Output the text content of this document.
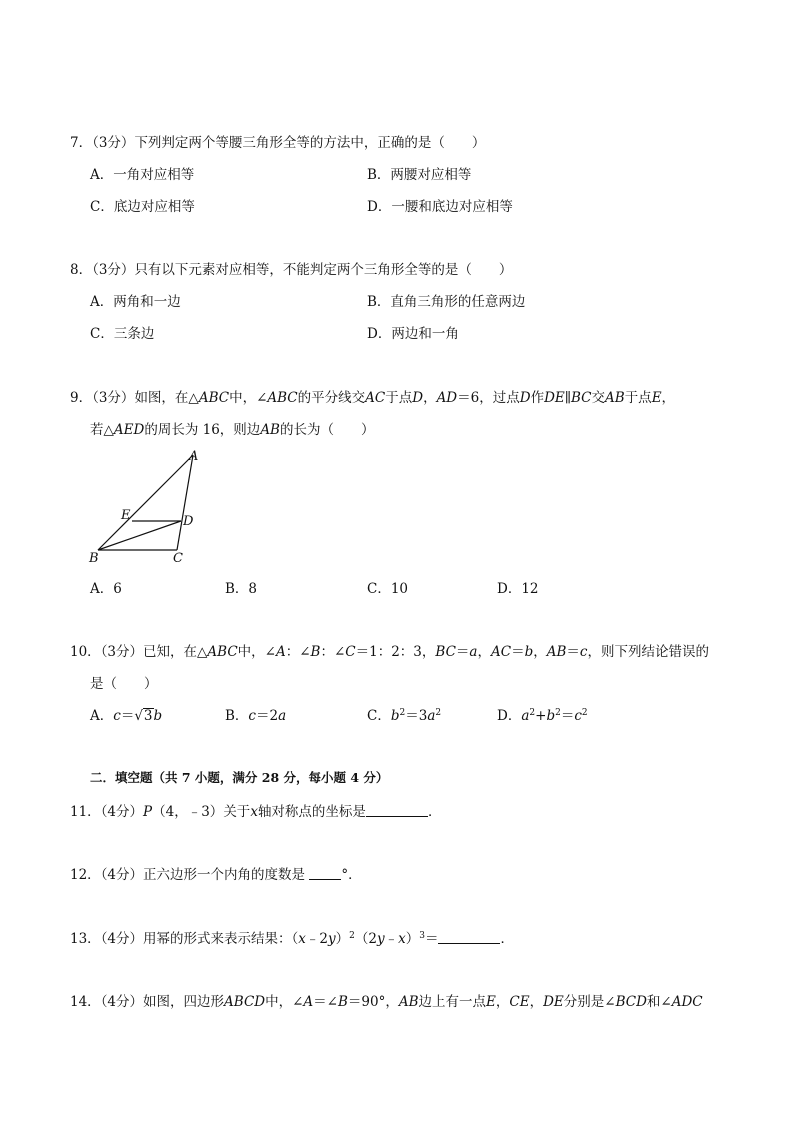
7．（3分）下列判定两个等腰三角形全等的方法中，正确的是（　　）
A．一角对应相等	B．两腰对应相等
C．底边对应相等	D．一腰和底边对应相等
8．（3分）只有以下元素对应相等，不能判定两个三角形全等的是（　　）
A．两角和一边	B．直角三角形的任意两边
C．三条边	D．两边和一角
9．（3分）如图，在△ABC中，∠ABC的平分线交AC于点D，AD＝6，过点D作DE∥BC交AB于点E，
若△AED的周长为 16，则边AB的长为（　　）
A
E	D
B	C
A．6	B．8	C．10	D．12
10．（3分）已知，在△ABC中，∠A：∠B：∠C＝1：2：3，BC＝a，AC＝b，AB＝c，则下列结论错误的
是（　　）
A．c＝√3b	B．c＝2a	C．$b^2=3a^2$	D．$a^2+b^2=c^2$
二．填空题（共 7 小题，满分 28 分，每小题 4 分）
11．（4分）P（4，﹣3）关于x轴对称点的坐标是	．
12．（4分）正六边形一个内角的度数是	°．
13．（4分）用幂的形式来表示结果：（x﹣2y）$^2$（2y﹣x）$^3$＝	．
14．（4分）如图，四边形ABCD中，∠A＝∠B＝90°，AB边上有一点E，CE，DE分别是∠BCD和∠ADC
